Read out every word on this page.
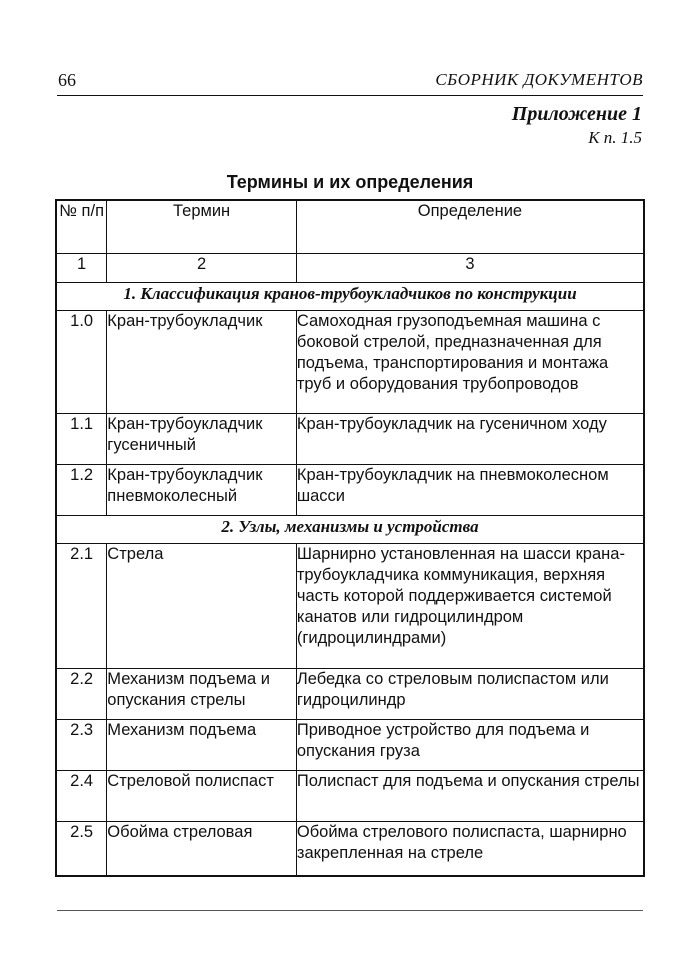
66	СБОРНИК ДОКУМЕНТОВ
Приложение 1
К п. 1.5
Термины и их определения
№ п/п	Термин	Определение
1	2	3
1. Классификация кранов-трубоукладчиков по конструкции		
1.0	Кран-трубоукладчик	Самоходная грузоподъемная машина с боковой стрелой, предназначенная для подъема, транспортирования и монтажа труб и оборудования трубопроводов
1.1	Кран-трубоукладчик гусеничный	Кран-трубоукладчик на гусеничном ходу
1.2	Кран-трубоукладчик пневмоколесный	Кран-трубоукладчик на пневмоколесном шасси
2. Узлы, механизмы и устройства		
2.1	Стрела	Шарнирно установленная на шасси крана-трубоукладчика коммуникация, верхняя часть которой поддерживается системой канатов или гидроцилиндром (гидроцилиндрами)
2.2	Механизм подъема и опускания стрелы	Лебедка со стреловым полиспастом или гидроцилиндр
2.3	Механизм подъема	Приводное устройство для подъема и опускания груза
2.4	Стреловой полиспаст	Полиспаст для подъема и опускания стрелы
2.5	Обойма стреловая	Обойма стрелового полиспаста, шарнирно закрепленная на стреле
